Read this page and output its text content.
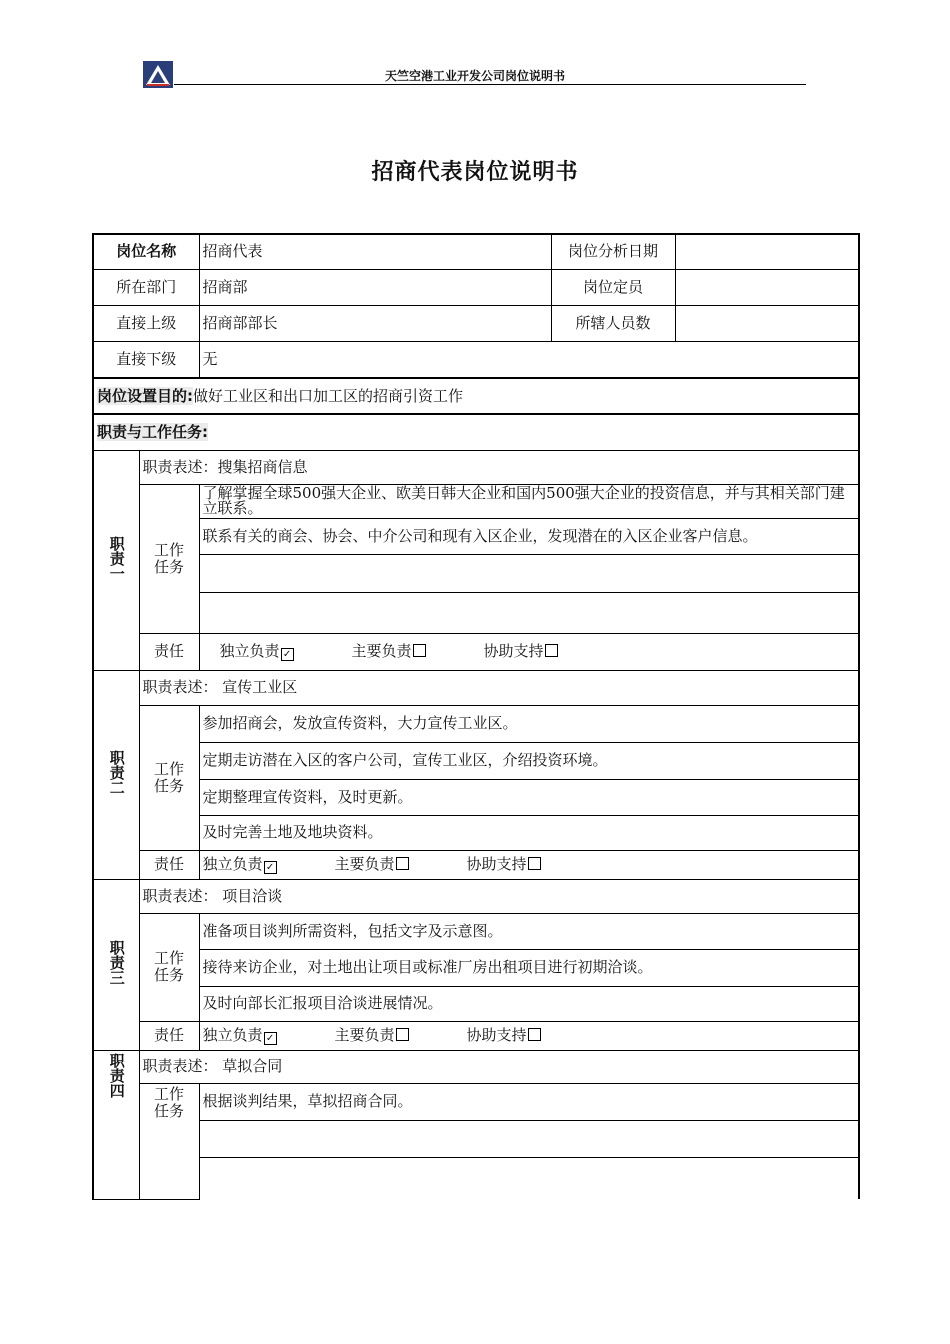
天竺空港工业开发公司岗位说明书
招商代表岗位说明书
岗位名称		招商代表	岗位分析日期	
所在部门		招商部	岗位定员	
直接上级		招商部部长	所辖人员数	
直接下级		无		
岗位设置目的:做好工业区和出口加工区的招商引资工作				
职责与工作任务:				
职责一	职责表述：搜集招商信息			
	工作
任务	了解掌握全球500强大企业、欧美日韩大企业和国内500强大企业的投资信息，并与其相关部门建立联系。		
		联系有关的商会、协会、中介公司和现有入区企业，发现潜在的入区企业客户信息。		

	责任	独立负责 ✓ 主要负责 协助支持		
职责二	职责表述： 宣传工业区			
	工作
任务	参加招商会，发放宣传资料，大力宣传工业区。		
		定期走访潜在入区的客户公司，宣传工业区，介绍投资环境。		
		定期整理宣传资料，及时更新。		
		及时完善土地及地块资料。		
	责任	独立负责 ✓ 主要负责 协助支持		
职责三	职责表述： 项目洽谈			
	工作
任务	准备项目谈判所需资料，包括文字及示意图。		
		接待来访企业，对土地出让项目或标准厂房出租项目进行初期洽谈。		
		及时向部长汇报项目洽谈进展情况。		
	责任	独立负责 ✓ 主要负责 协助支持		
职责四	职责表述： 草拟合同			
	工作
任务	根据谈判结果，草拟招商合同。		
